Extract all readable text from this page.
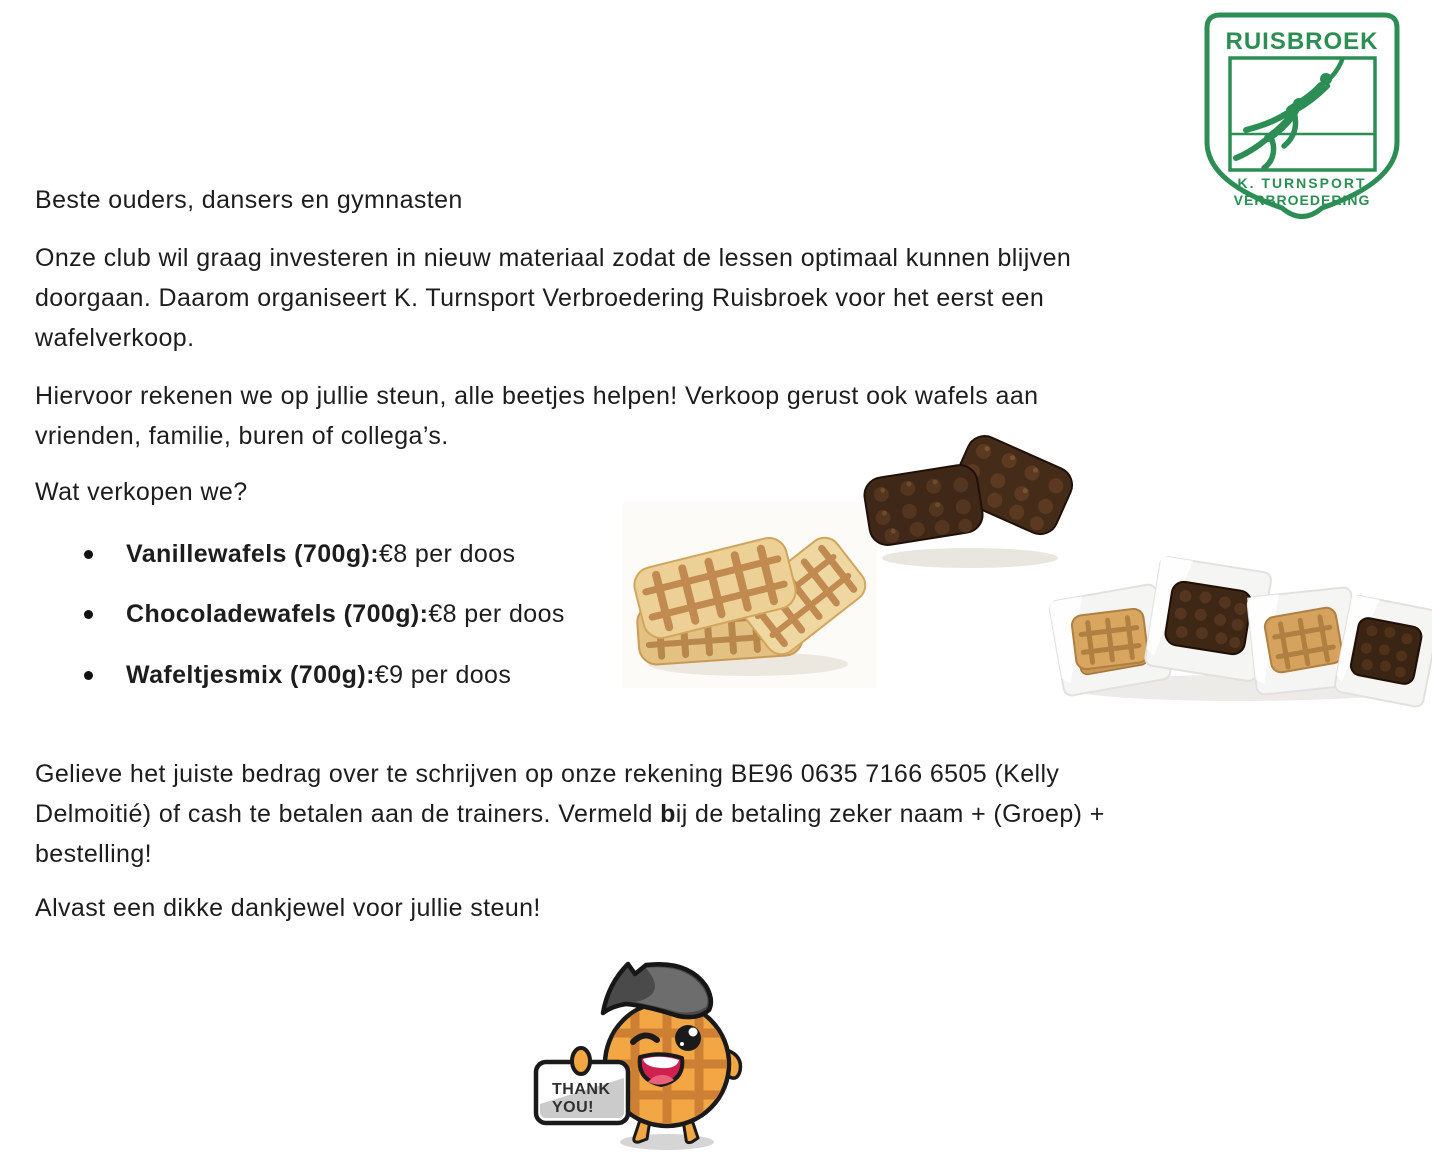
Beste ouders, dansers en gymnasten
Onze club wil graag investeren in nieuw materiaal zodat de lessen optimaal kunnen blijven
doorgaan. Daarom organiseert K. Turnsport Verbroedering Ruisbroek voor het eerst een
wafelverkoop.
Hiervoor rekenen we op jullie steun, alle beetjes helpen! Verkoop gerust ook wafels aan
vrienden, familie, buren of collega’s.
Wat verkopen we?
Vanillewafels (700g): €8 per doos
Chocoladewafels (700g): €8 per doos
Wafeltjesmix (700g): €9 per doos
Gelieve het juiste bedrag over te schrijven op onze rekening BE96 0635 7166 6505 (Kelly
Delmoitié) of cash te betalen aan de trainers. Vermeld bij de betaling zeker naam + (Groep) +
bestelling!
Alvast een dikke dankjewel voor jullie steun!
RUISBROEK
K. TURNSPORT
VERBROEDERING
THANK
YOU!
